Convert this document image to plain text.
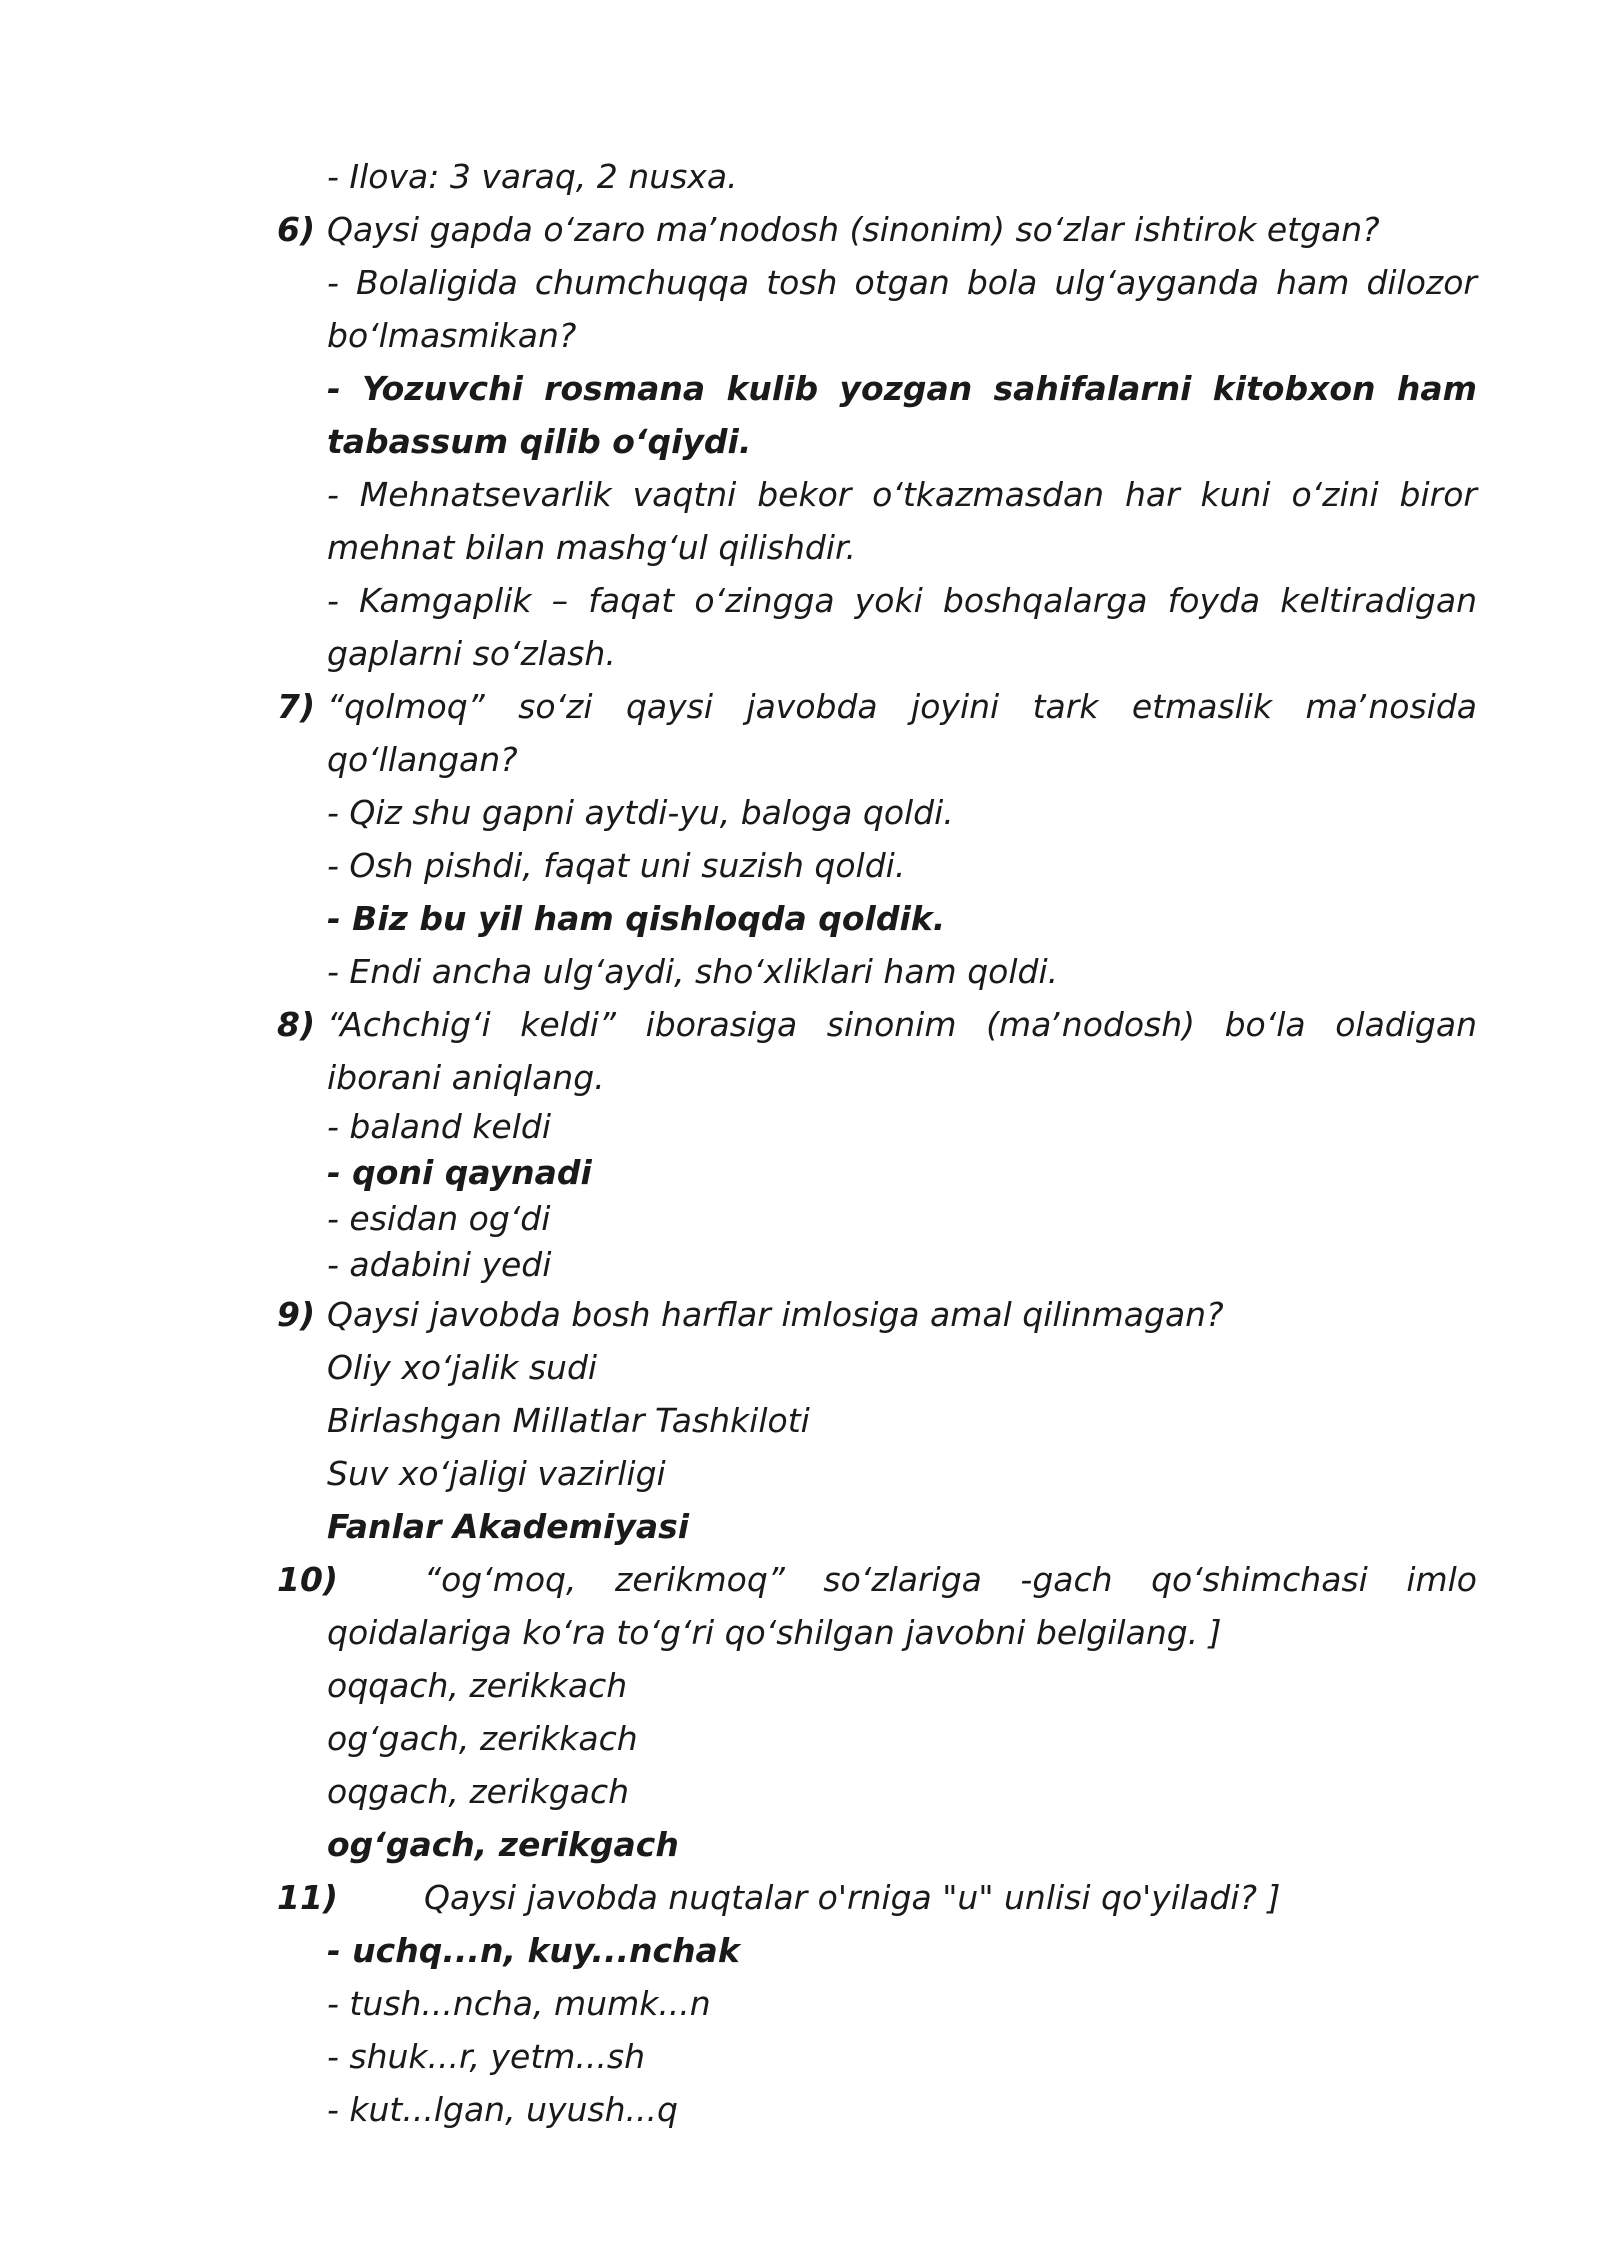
- Ilova: 3 varaq, 2 nusxa.
6) Qaysi gapda oʻzaro maʼnodosh (sinonim) soʻzlar ishtirok etgan?
- Bolaligida chumchuqqa tosh otgan bola ulgʻayganda ham dilozor boʻlmasmikan?
- Yozuvchi rosmana kulib yozgan sahifalarni kitobxon ham tabassum qilib oʻqiydi.
- Mehnatsevarlik vaqtni bekor oʻtkazmasdan har kuni oʻzini biror mehnat bilan mashgʻul qilishdir.
- Kamgaplik – faqat oʻzingga yoki boshqalarga foyda keltiradigan gaplarni soʻzlash.
7) “qolmoq” soʻzi qaysi javobda joyini tark etmaslik maʼnosida qoʻllangan?
- Qiz shu gapni aytdi-yu, baloga qoldi.
- Osh pishdi, faqat uni suzish qoldi.
- Biz bu yil ham qishloqda qoldik.
- Endi ancha ulgʻaydi, shoʻxliklari ham qoldi.
8) “Achchigʻi keldi” iborasiga sinonim (maʼnodosh) boʻla oladigan iborani aniqlang.
- baland keldi
- qoni qaynadi
- esidan ogʻdi
- adabini yedi
9) Qaysi javobda bosh harflar imlosiga amal qilinmagan?
Oliy xoʻjalik sudi
Birlashgan Millatlar Tashkiloti
Suv xoʻjaligi vazirligi
Fanlar Akademiyasi
10)	“ogʻmoq, zerikmoq” soʻzlariga -gach qoʻshimchasi imlo qoidalariga koʻra toʻgʻri qoʻshilgan javobni belgilang. ]
oqqach, zerikkach
ogʻgach, zerikkach
oqgach, zerikgach
ogʻgach, zerikgach
11)	Qaysi javobda nuqtalar o'rniga "u" unlisi qo'yiladi? ]
- uchq...n, kuy...nchak
- tush...ncha, mumk...n
- shuk...r, yetm...sh
- kut...lgan, uyush...q
